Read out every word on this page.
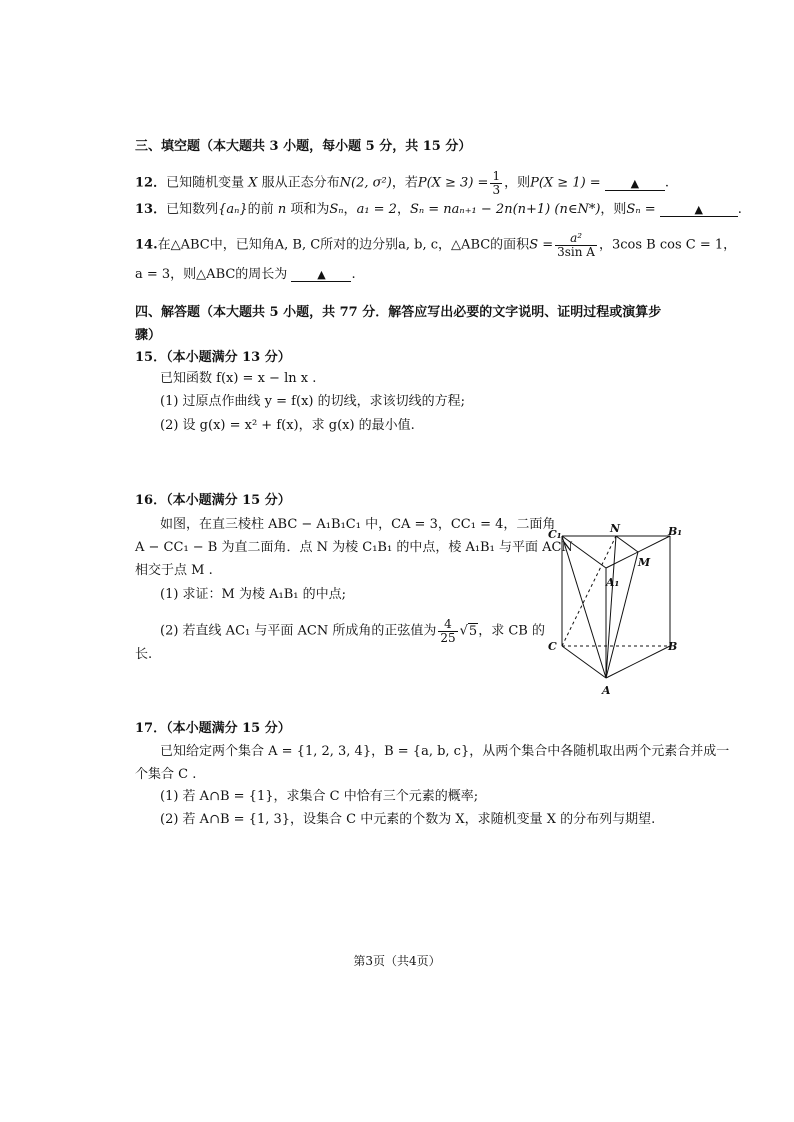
三、填空题（本大题共 3 小题，每小题 5 分，共 15 分）
12．已知随机变量 X 服从正态分布N(2, σ²)，若$P(X \ge 3) = \frac{1}{3}$ ，则P(X ≥ 1) =	▲ .
13．已知数列{aₙ}的前 n 项和为Sₙ，a₁ = 2，Sₙ = naₙ₊₁ − 2n(n+1) (n∈N*)，则Sₙ =	▲	.
14.在△ABC中，已知角A, B, C所对的边分别a, b, c，△ABC的面积$S = \frac{\text{a²}}{\text{3sin A}}$ ，3cos B cos C = 1，
a = 3，则△ABC的周长为	▲ .
四、解答题（本大题共 5 小题，共 77 分．解答应写出必要的文字说明、证明过程或演算步
骤）
15．（本小题满分 13 分）
已知函数 f(x) = x − ln x .
(1) 过原点作曲线 y = f(x) 的切线，求该切线的方程;
(2) 设 g(x) = x² + f(x)，求 g(x) 的最小值.
16．（本小题满分 15 分）
如图，在直三棱柱 ABC − A₁B₁C₁ 中，CA = 3，CC₁ = 4，二面角
A − CC₁ − B 为直二面角．点 N 为棱 C₁B₁ 的中点，棱 A₁B₁ 与平面 ACN
相交于点 M .
(1) 求证：M 为棱 A₁B₁ 的中点;
(2) 若直线 AC₁ 与平面 ACN 所成角的正弦值为 $\frac{4}{25} √5$，求 CB 的
长.
C₁	N	B₁
M
A₁
C	B
A
17．（本小题满分 15 分）
已知给定两个集合 A = {1, 2, 3, 4}，B = {a, b, c}，从两个集合中各随机取出两个元素合并成一
个集合 C .
(1) 若 A∩B = {1}，求集合 C 中恰有三个元素的概率;
(2) 若 A∩B = {1, 3}，设集合 C 中元素的个数为 X，求随机变量 X 的分布列与期望.
第3页（共4页）
